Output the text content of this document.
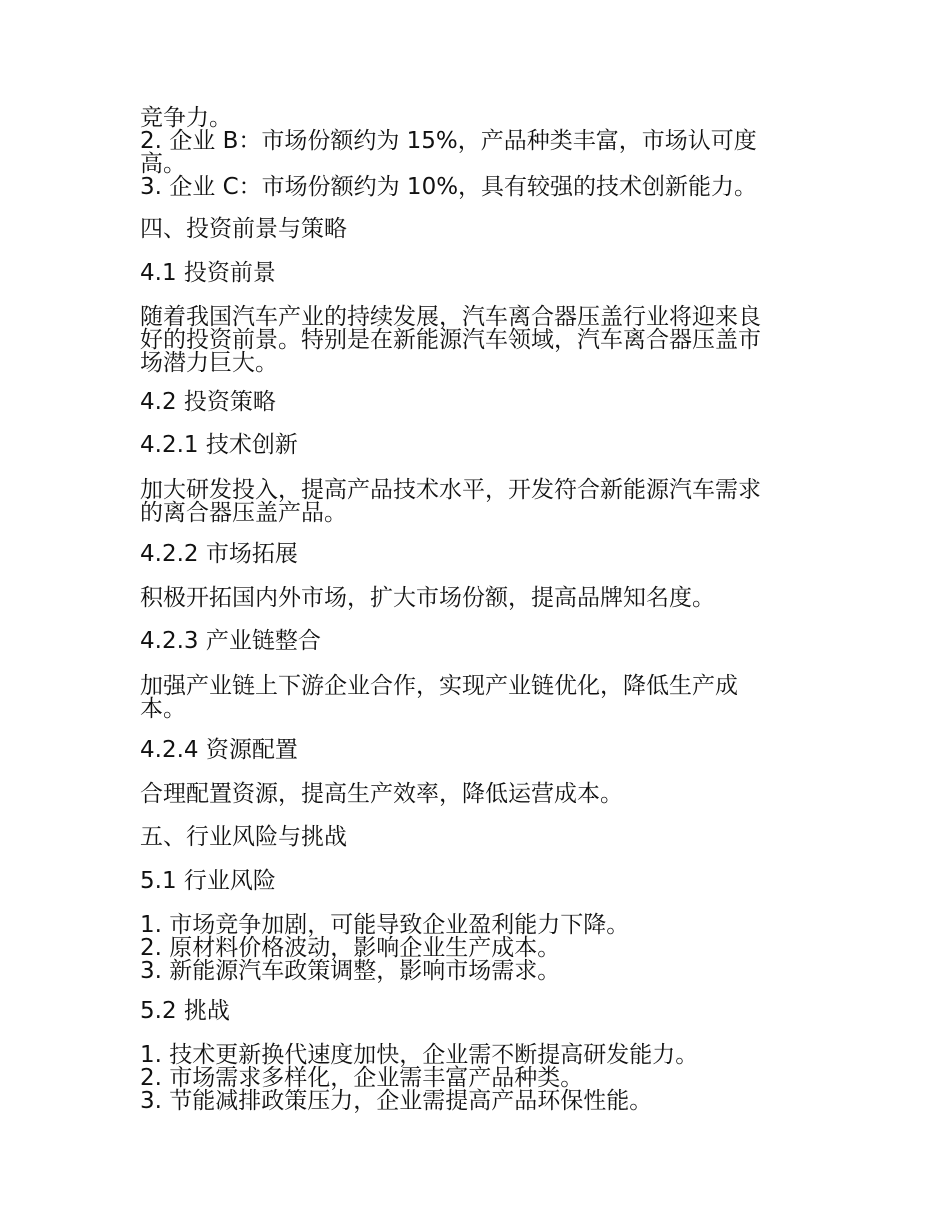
竞争力。
2. 企业 B：市场份额约为 15%，产品种类丰富，市场认可度
高。
3. 企业 C：市场份额约为 10%，具有较强的技术创新能力。
四、投资前景与策略
4.1 投资前景
随着我国汽车产业的持续发展，汽车离合器压盖行业将迎来良
好的投资前景。特别是在新能源汽车领域，汽车离合器压盖市
场潜力巨大。
4.2 投资策略
4.2.1 技术创新
加大研发投入，提高产品技术水平，开发符合新能源汽车需求
的离合器压盖产品。
4.2.2 市场拓展
积极开拓国内外市场，扩大市场份额，提高品牌知名度。
4.2.3 产业链整合
加强产业链上下游企业合作，实现产业链优化，降低生产成
本。
4.2.4 资源配置
合理配置资源，提高生产效率，降低运营成本。
五、行业风险与挑战
5.1 行业风险
1. 市场竞争加剧，可能导致企业盈利能力下降。
2. 原材料价格波动，影响企业生产成本。
3. 新能源汽车政策调整，影响市场需求。
5.2 挑战
1. 技术更新换代速度加快，企业需不断提高研发能力。
2. 市场需求多样化，企业需丰富产品种类。
3. 节能减排政策压力，企业需提高产品环保性能。
